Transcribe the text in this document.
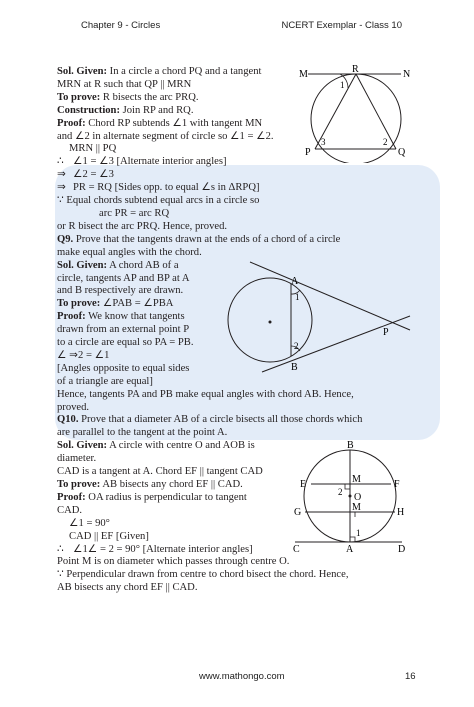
Chapter 9 - Circles	NCERT Exemplar - Class 10
Sol. Given: In a circle a chord PQ and a tangent
MRN at R such that QP || MRN
To prove: R bisects the arc PRQ.
Construction: Join RP and RQ.
Proof: Chord RP subtends ∠1 with tangent MN
and ∠2 in alternate segment of circle so ∠1 = ∠2.
MRN || PQ
∴ ∠1 = ∠3 [Alternate interior angles]
⇒ ∠2 = ∠3
⇒ PR = RQ [Sides opp. to equal ∠s in ΔRPQ]
∵ Equal chords subtend equal arcs in a circle so
arc PR = arc RQ
or R bisect the arc PRQ. Hence, proved.
Q9. Prove that the tangents drawn at the ends of a chord of a circle
make equal angles with the chord.
Sol. Given: A chord AB of a
circle, tangents AP and BP at A
and B respectively are drawn.
To prove: ∠PAB = ∠PBA
Proof: We know that tangents
drawn from an external point P
to a circle are equal so PA = PB.
∠ ⇒2 = ∠1
[Angles opposite to equal sides
of a triangle are equal]
Hence, tangents PA and PB make equal angles with chord AB. Hence,
proved.
Q10. Prove that a diameter AB of a circle bisects all those chords which
are parallel to the tangent at the point A.
Sol. Given: A circle with centre O and AOB is
diameter.
CAD is a tangent at A. Chord EF || tangent CAD
To prove: AB bisects any chord EF || CAD.
Proof: OA radius is perpendicular to tangent
CAD.
∠1 = 90°
CAD || EF [Given]
∴ ∠1∠ = 2 = 90° [Alternate interior angles]
Point M is on diameter which passes through centre O.
∵ Perpendicular drawn from centre to chord bisect the chord. Hence,
AB bisects any chord EF || CAD.
M	R	N
P	Q
1
2
3
A
B
P
1
2
B
E	F
M
2 O
G	M	H
1
C	A	D
www.mathongo.com	16
